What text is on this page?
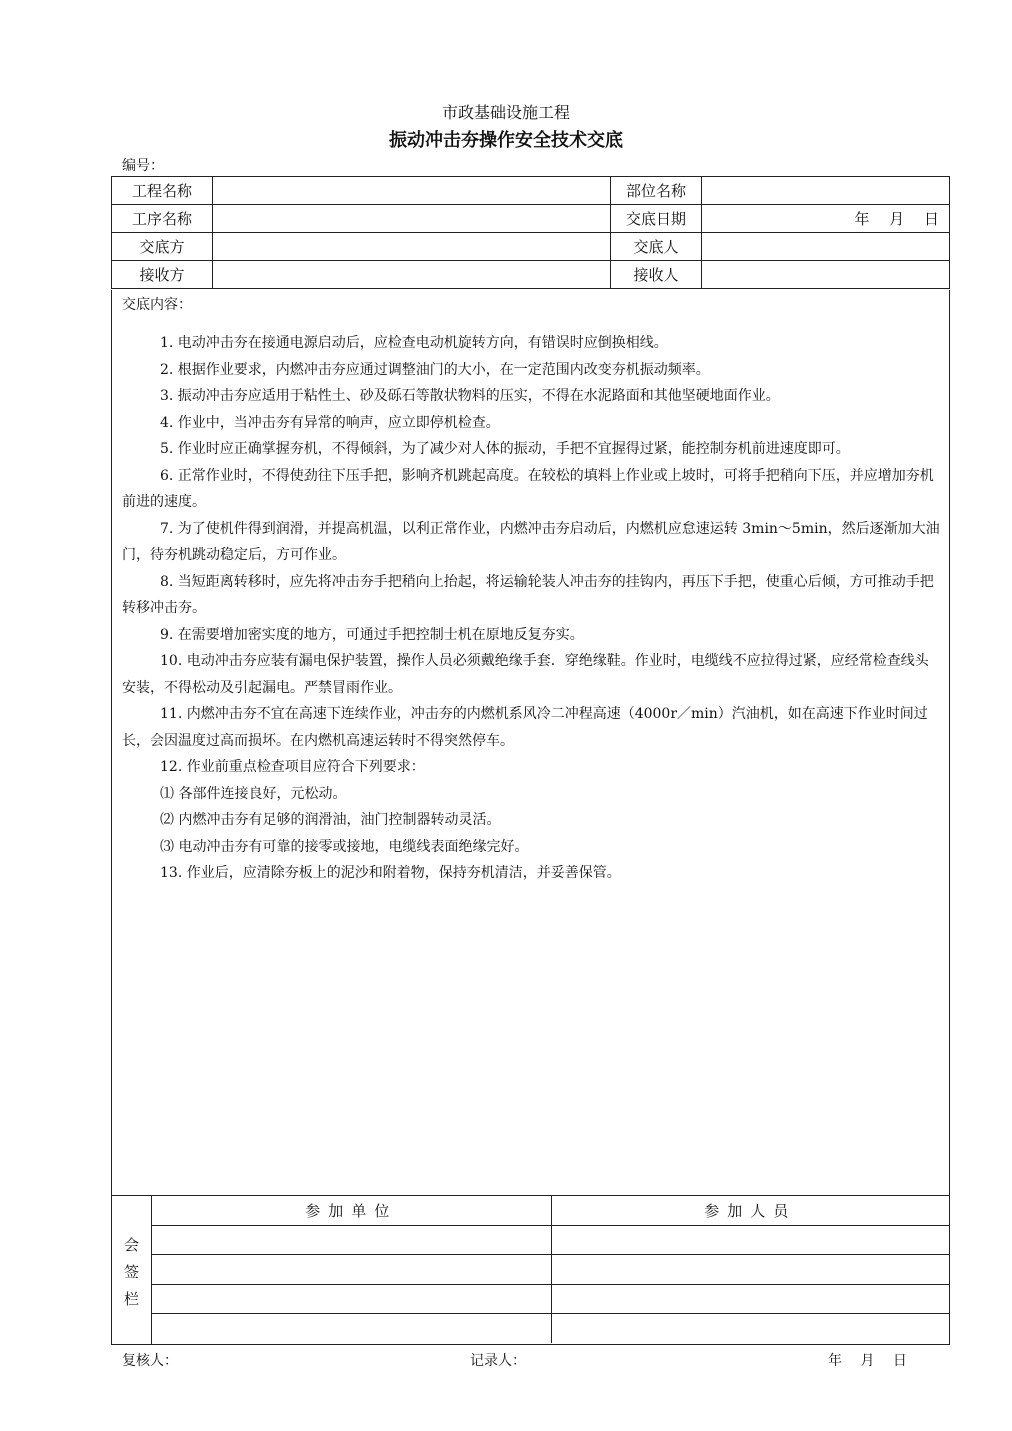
市政基础设施工程
振动冲击夯操作安全技术交底
编号：
工程名称		部位名称	
工序名称		交底日期	年　 月　 日
交底方		交底人	
接收方		接收人	
交底内容：

1. 电动冲击夯在接通电源启动后，应检查电动机旋转方向，有错误时应倒换相线。

2. 根据作业要求，内燃冲击夯应通过调整油门的大小，在一定范围内改变夯机振动频率。

3. 振动冲击夯应适用于粘性土、砂及砾石等散状物料的压实，不得在水泥路面和其他坚硬地面作业。

4. 作业中，当冲击夯有异常的响声，应立即停机检查。

5. 作业时应正确掌握夯机，不得倾斜，为了减少对人体的振动，手把不宜握得过紧，能控制夯机前进速度即可。

6. 正常作业时，不得使劲往下压手把，影响齐机跳起高度。在较松的填料上作业或上坡时，可将手把稍向下压，并应增加夯机前进的速度。

7. 为了使机件得到润滑，并提高机温，以利正常作业，内燃冲击夯启动后，内燃机应怠速运转 3min～5min，然后逐渐加大油门，待夯机跳动稳定后，方可作业。

8. 当短距离转移时，应先将冲击夯手把稍向上抬起，将运输轮装人冲击夯的挂钩内，再压下手把，使重心后倾，方可推动手把转移冲击夯。

9. 在需要增加密实度的地方，可通过手把控制士机在原地反复夯实。

10. 电动冲击夯应装有漏电保护装置，操作人员必须戴绝缘手套．穿绝缘鞋。作业时，电缆线不应拉得过紧，应经常检查线头安装，不得松动及引起漏电。严禁冒雨作业。

11. 内燃冲击夯不宜在高速下连续作业，冲击夯的内燃机系风冷二冲程高速（4000r／min）汽油机，如在高速下作业时间过长，会因温度过高而损坏。在内燃机高速运转时不得突然停车。

12. 作业前重点检查项目应符合下列要求：

⑴ 各部件连接良好，元松动。

⑵ 内燃冲击夯有足够的润滑油，油门控制器转动灵活。

⑶ 电动冲击夯有可靠的接零或接地，电缆线表面绝缘完好。

13. 作业后，应清除夯板上的泥沙和附着物，保持夯机清洁，并妥善保管。

会
签
栏
参加单位	参加人员

复核人：	记录人：	年 月 日
